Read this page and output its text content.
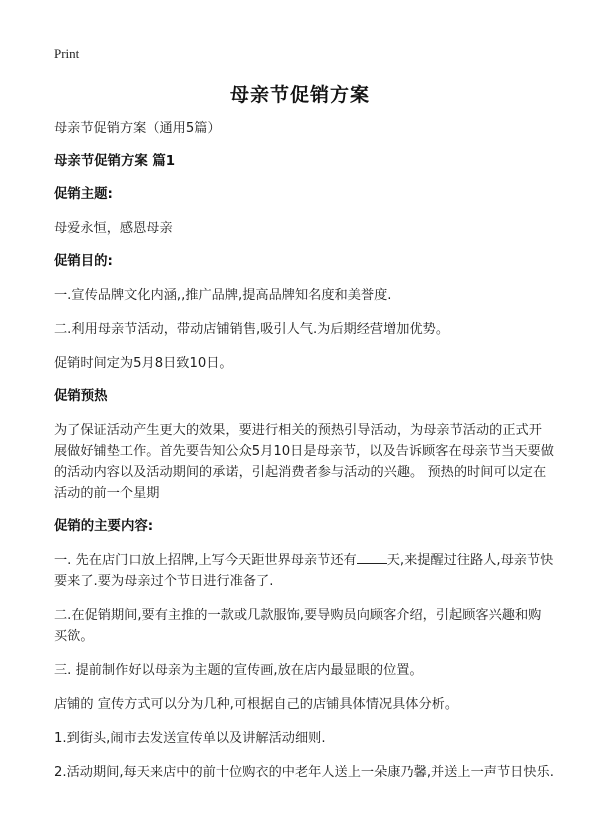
Print
母亲节促销方案

母亲节促销方案（通用5篇）

母亲节促销方案 篇1

促销主题:

母爱永恒，感恩母亲

促销目的:

一.宣传品牌文化内涵,,推广品牌,提高品牌知名度和美誉度.

二.利用母亲节活动，带动店铺销售,吸引人气.为后期经营增加优势。

促销时间定为5月8日致10日。

促销预热

为了保证活动产生更大的效果，要进行相关的预热引导活动，为母亲节活动的正式开展做好铺垫工作。首先要告知公众5月10日是母亲节，以及告诉顾客在母亲节当天要做的活动内容以及活动期间的承诺，引起消费者参与活动的兴趣。 预热的时间可以定在活动的前一个星期

促销的主要内容:

一. 先在店门口放上招牌,上写今天距世界母亲节还有 天,来提醒过往路人,母亲节快要来了.要为母亲过个节日进行准备了.

二.在促销期间,要有主推的一款或几款服饰,要导购员向顾客介绍，引起顾客兴趣和购买欲。

三. 提前制作好以母亲为主题的宣传画,放在店内最显眼的位置。

店铺的 宣传方式可以分为几种,可根据自己的店铺具体情况具体分析。

1.到街头,闹市去发送宣传单以及讲解活动细则.

2.活动期间,每天来店中的前十位购衣的中老年人送上一朵康乃馨,并送上一声节日快乐.
